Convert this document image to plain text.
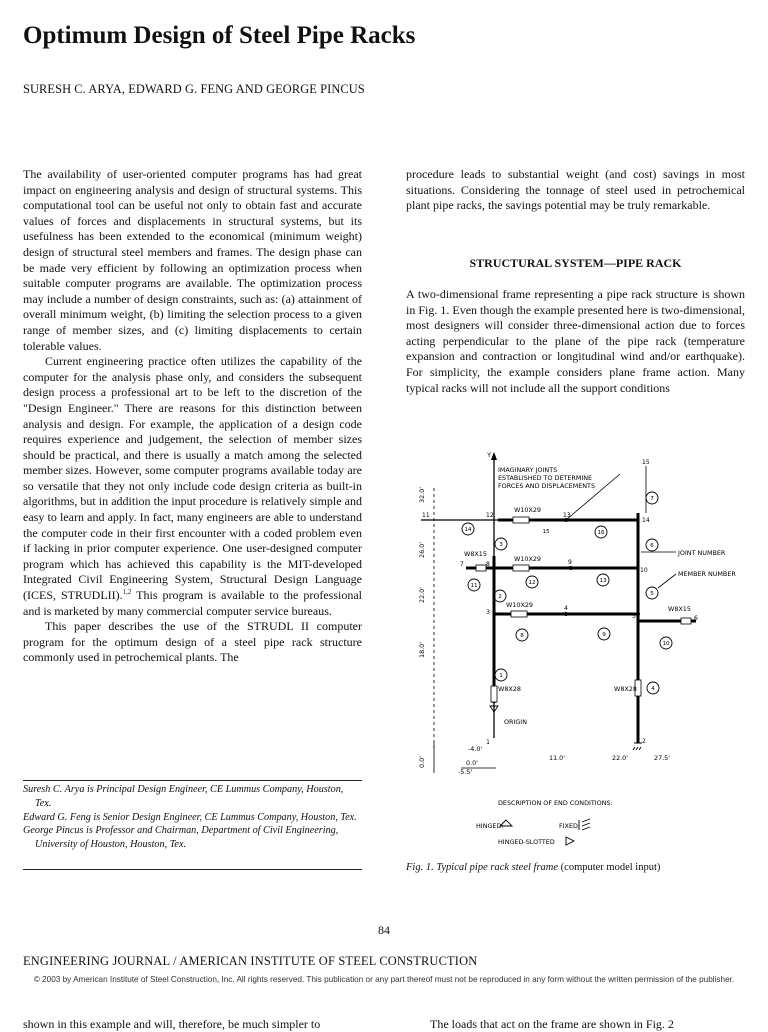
Optimum Design of Steel Pipe Racks
SURESH C. ARYA, EDWARD G. FENG AND GEORGE PINCUS

The availability of user-oriented computer programs has had great impact on engineering analysis and design of structural systems. This computational tool can be useful not only to obtain fast and accurate values of forces and displacements in structural systems, but its usefulness has been extended to the economical (minimum weight) design of structural steel members and frames. The design phase can be made very efficient by following an optimization process when suitable computer programs are available. The optimization process may include a number of design constraints, such as: (a) attainment of overall minimum weight, (b) limiting the selection process to a given range of member sizes, and (c) limiting displacements to certain tolerable values.

Current engineering practice often utilizes the capability of the computer for the analysis phase only, and considers the subsequent design process a professional art to be left to the discretion of the "Design Engineer." There are reasons for this distinction between analysis and design. For example, the application of a design code requires experience and judgement, the selection of member sizes should be practical, and there is usually a match among the selected member sizes. However, some computer programs available today are so versatile that they not only include code design criteria as built-in algorithms, but in addition the input procedure is relatively simple and easy to learn and apply. In fact, many engineers are able to understand the computer code in their first encounter with a coded problem even if lacking in prior computer experience. One user-designed computer program which has achieved this capability is the MIT-developed Integrated Civil Engineering System, Structural Design Language (ICES, STRUDLII).$^{1,2}$ This program is available to the professional and is marketed by many commercial computer service bureaus.

This paper describes the use of the STRUDL II computer program for the optimum design of a steel pipe rack structure commonly used in petrochemical plants. The

Suresh C. Arya is Principal Design Engineer, CE Lummus Company, Houston, Tex.
Edward G. Feng is Senior Design Engineer, CE Lummus Company, Houston, Tex.
George Pincus is Professor and Chairman, Department of Civil Engineering, University of Houston, Houston, Tex.

procedure leads to substantial weight (and cost) savings in most situations. Considering the tonnage of steel used in petrochemical plant pipe racks, the savings potential may be truly remarkable.

STRUCTURAL SYSTEM—PIPE RACK

A two-dimensional frame representing a pipe rack structure is shown in Fig. 1. Even though the example presented here is two-dimensional, most designers will consider three-dimensional action due to forces acting perpendicular to the plane of the pipe rack (temperature expansion and contraction or longitudinal wind and/or earthquake). For simplicity, the example considers plane frame action. Many typical racks will not include all the support conditions

Y
IMAGINARY JOINTS
ESTABLISHED TO DETERMINE
FORCES AND DISPLACEMENTS
JOINT NUMBER
MEMBER NUMBER
W10X29
W10X29
W10X29
W8X15
W8X15
W8X28	W8X28
ORIGIN
32.0'
26.0'
22.0'
18.0'
0.0'
-4.0'
0.0'
-5.5'
11.0'	22.0'	27.5'
DESCRIPTION OF END CONDITIONS:
HINGED:	FIXED:
HINGED-SLOTTED
1	2
3
4
5	6
7	8	9
10
11	12	13
14
15
1
2
3
4
5
6
7
8	9
10
11	12	13
14	15	16
Fig. 1. Typical pipe rack steel frame (computer model input)
84
ENGINEERING JOURNAL / AMERICAN INSTITUTE OF STEEL CONSTRUCTION
© 2003 by American Institute of Steel Construction, Inc. All rights reserved. This publication or any part thereof must not be reproduced in any form without the written permission of the publisher.
shown in this example and will, therefore, be much simpler to	The loads that act on the frame are shown in Fig. 2
